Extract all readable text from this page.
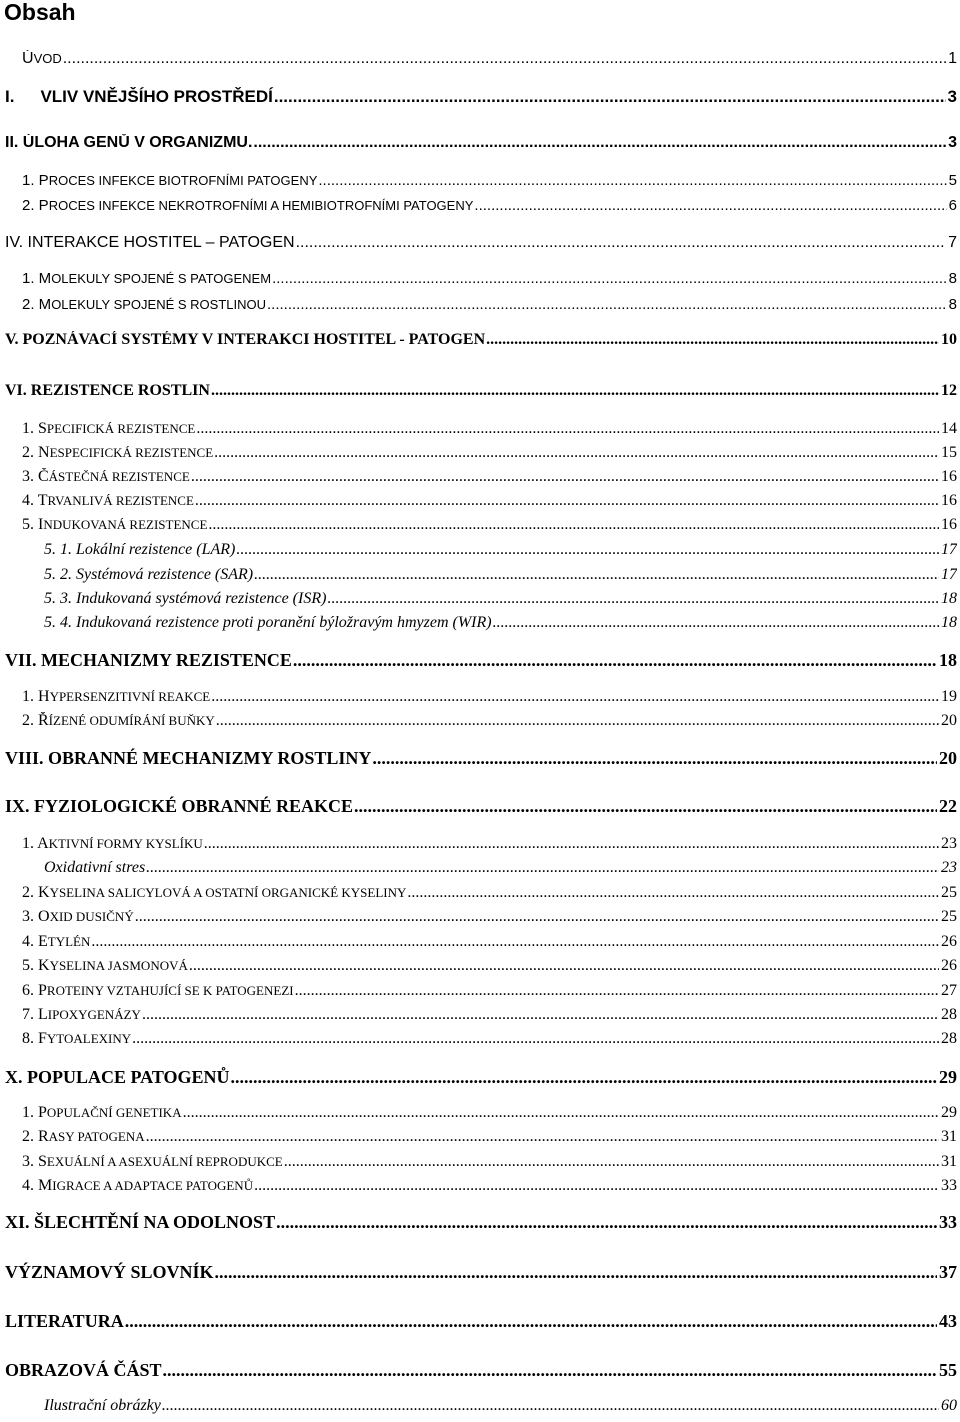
Obsah
ÚVOD .....	1
I. VLIV VNĚJŠÍHO PROSTŘEDÍ .....	3
II. ÚLOHA GENŮ V ORGANIZMU. .....	3
1. PROCES INFEKCE BIOTROFNÍMI PATOGENY .....	5
2. PROCES INFEKCE NEKROTROFNÍMI A HEMIBIOTROFNÍMI PATOGENY .....	6
IV. INTERAKCE HOSTITEL – PATOGEN .....	7
1. MOLEKULY SPOJENÉ S PATOGENEM .....	8
2. MOLEKULY SPOJENÉ S ROSTLINOU .....	8
V. POZNÁVACÍ SYSTÉMY V INTERAKCI HOSTITEL - PATOGEN .....	10
VI. REZISTENCE ROSTLIN .....	12
1. SPECIFICKÁ REZISTENCE .....	14
2. NESPECIFICKÁ REZISTENCE .....	15
3. ČÁSTEČNÁ REZISTENCE .....	16
4. TRVANLIVÁ REZISTENCE .....	16
5. INDUKOVANÁ REZISTENCE .....	16
5. 1. Lokální rezistence (LAR) .....	17
5. 2. Systémová rezistence (SAR) .....	17
5. 3. Indukovaná systémová rezistence (ISR) .....	18
5. 4. Indukovaná rezistence proti poranění býložravým hmyzem (WIR) .....	18
VII. MECHANIZMY REZISTENCE .....	18
1. HYPERSENZITIVNÍ REAKCE .....	19
2. ŘÍZENÉ ODUMÍRÁNÍ BUŇKY .....	20
VIII. OBRANNÉ MECHANIZMY ROSTLINY .....	20
IX. FYZIOLOGICKÉ OBRANNÉ REAKCE .....	22
1. AKTIVNÍ FORMY KYSLÍKU .....	23
Oxidativní stres .....	23
2. KYSELINA SALICYLOVÁ A OSTATNÍ ORGANICKÉ KYSELINY .....	25
3. OXID DUSIČNÝ .....	25
4. ETYLÉN .....	26
5. KYSELINA JASMONOVÁ .....	26
6. PROTEINY VZTAHUJÍCÍ SE K PATOGENEZI .....	27
7. LIPOXYGENÁZY .....	28
8. FYTOALEXINY .....	28
X. POPULACE PATOGENŮ .....	29
1. POPULAČNÍ GENETIKA .....	29
2. RASY PATOGENA .....	31
3. SEXUÁLNÍ A ASEXUÁLNÍ REPRODUKCE .....	31
4. MIGRACE A ADAPTACE PATOGENŮ .....	33
XI. ŠLECHTĚNÍ NA ODOLNOST .....	33
VÝZNAMOVÝ SLOVNÍK .....	37
LITERATURA .....	43
OBRAZOVÁ ČÁST .....	55
Ilustrační obrázky .....	60
